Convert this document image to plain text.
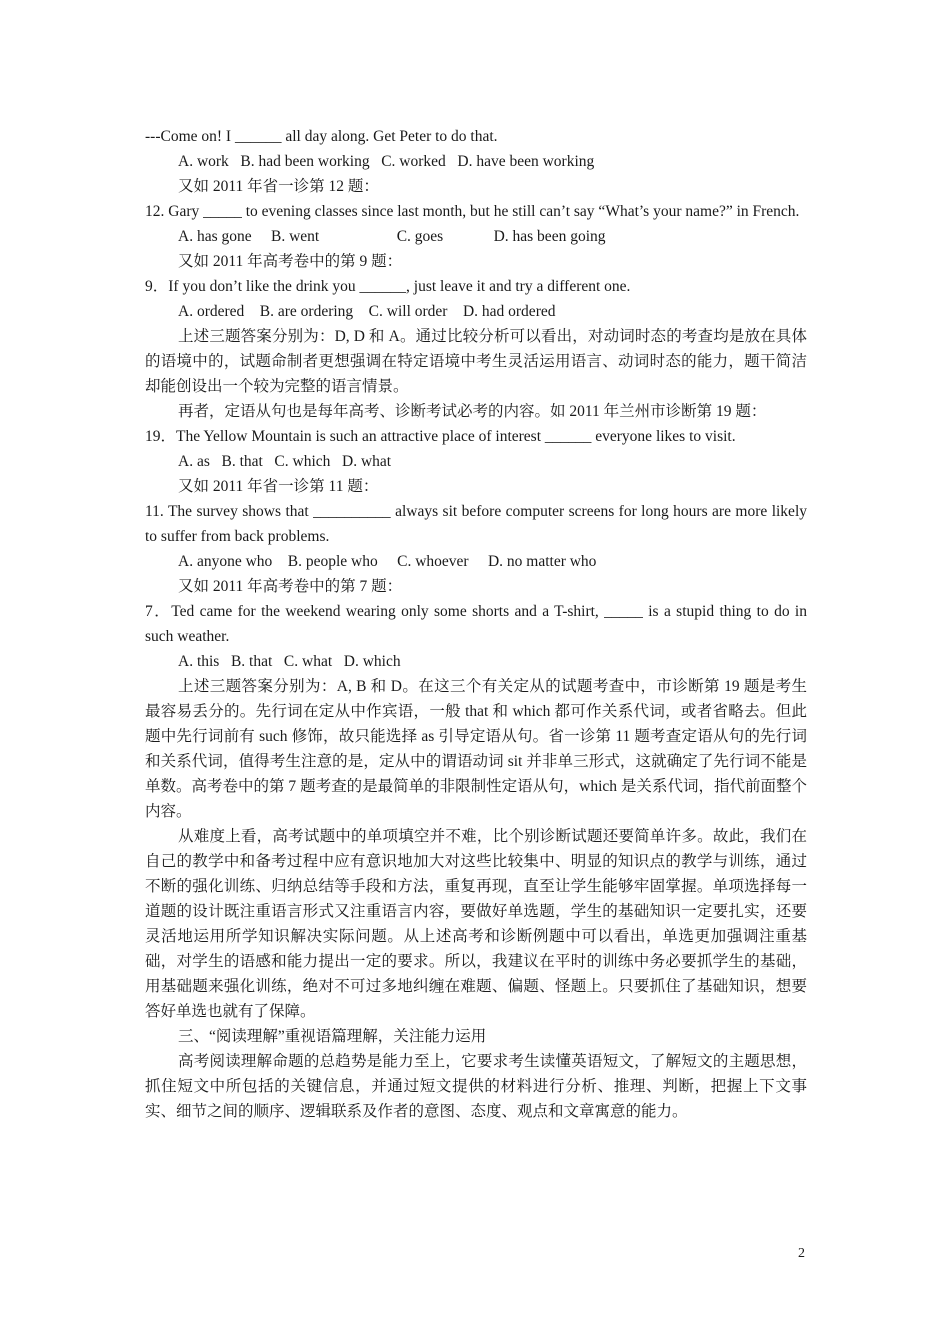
---Come on! I ______ all day along. Get Peter to do that.
A. work   B. had been working   C. worked   D. have been working
又如 2011 年省一诊第 12 题：
12. Gary _____ to evening classes since last month, but he still can’t say “What’s your name?” in French.
A. has gone     B. went                    C. goes             D. has been going
又如 2011 年高考卷中的第 9 题：
9．If you don’t like the drink you ______, just leave it and try a different one.
A. ordered    B. are ordering    C. will order    D. had ordered

上述三题答案分别为：D, D 和 A。通过比较分析可以看出，对动词时态的考查均是放在具体的语境中的，试题命制者更想强调在特定语境中考生灵活运用语言、动词时态的能力，题干简洁却能创设出一个较为完整的语言情景。

再者，定语从句也是每年高考、诊断考试必考的内容。如 2011 年兰州市诊断第 19 题：
19．The Yellow Mountain is such an attractive place of interest ______ everyone likes to visit.
A. as   B. that   C. which   D. what
又如 2011 年省一诊第 11 题：
11. The survey shows that __________ always sit before computer screens for long hours are more likely to suffer from back problems.
A. anyone who    B. people who     C. whoever     D. no matter who
又如 2011 年高考卷中的第 7 题：
7．Ted came for the weekend wearing only some shorts and a T-shirt, _____ is a stupid thing to do in such weather.
A. this   B. that   C. what   D. which

上述三题答案分别为：A, B 和 D。在这三个有关定从的试题考查中，市诊断第 19 题是考生最容易丢分的。先行词在定从中作宾语，一般 that 和 which 都可作关系代词，或者省略去。但此题中先行词前有 such 修饰，故只能选择 as 引导定语从句。省一诊第 11 题考查定语从句的先行词和关系代词，值得考生注意的是，定从中的谓语动词 sit 并非单三形式，这就确定了先行词不能是单数。高考卷中的第 7 题考查的是最简单的非限制性定语从句，which 是关系代词，指代前面整个内容。

从难度上看，高考试题中的单项填空并不难，比个别诊断试题还要简单许多。故此，我们在自己的教学中和备考过程中应有意识地加大对这些比较集中、明显的知识点的教学与训练，通过不断的强化训练、归纳总结等手段和方法，重复再现，直至让学生能够牢固掌握。单项选择每一道题的设计既注重语言形式又注重语言内容，要做好单选题，学生的基础知识一定要扎实，还要灵活地运用所学知识解决实际问题。从上述高考和诊断例题中可以看出，单选更加强调注重基础，对学生的语感和能力提出一定的要求。所以，我建议在平时的训练中务必要抓学生的基础，用基础题来强化训练，绝对不可过多地纠缠在难题、偏题、怪题上。只要抓住了基础知识，想要答好单选也就有了保障。

三、“阅读理解”重视语篇理解，关注能力运用

高考阅读理解命题的总趋势是能力至上，它要求考生读懂英语短文，了解短文的主题思想，抓住短文中所包括的关键信息，并通过短文提供的材料进行分析、推理、判断，把握上下文事实、细节之间的顺序、逻辑联系及作者的意图、态度、观点和文章寓意的能力。

2
